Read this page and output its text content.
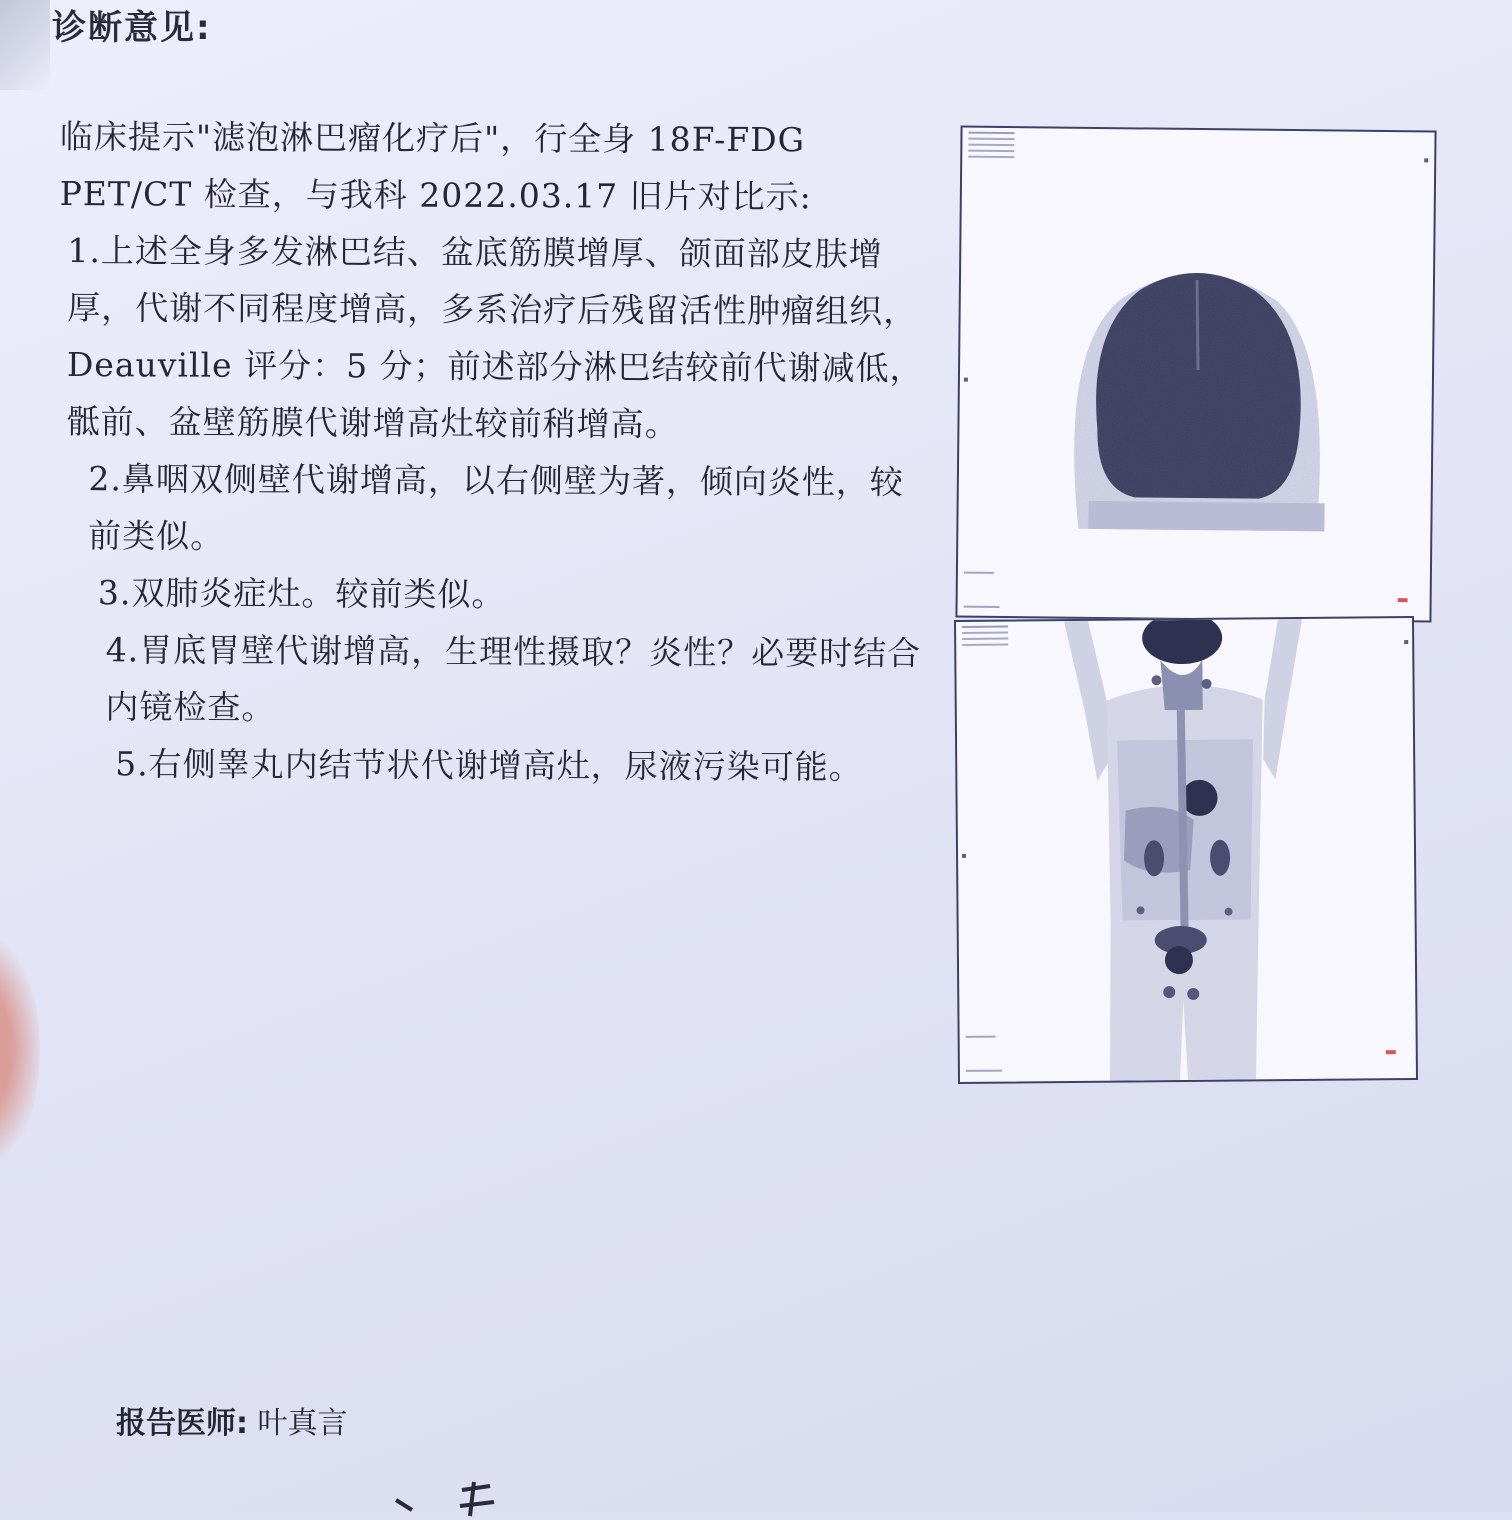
诊断意见:

临床提示"滤泡淋巴瘤化疗后"，行全身 18F-FDG
PET/CT 检查，与我科 2022.03.17 旧片对比示:

1.上述全身多发淋巴结、盆底筋膜增厚、颌面部皮肤增
厚，代谢不同程度增高，多系治疗后残留活性肿瘤组织，
Deauville 评分：5 分；前述部分淋巴结较前代谢减低，
骶前、盆壁筋膜代谢增高灶较前稍增高。

2.鼻咽双侧壁代谢增高，以右侧壁为著，倾向炎性，较
前类似。

3.双肺炎症灶。较前类似。

4.胃底胃壁代谢增高，生理性摄取？炎性？必要时结合
内镜检查。

5.右侧睾丸内结节状代谢增高灶，尿液污染可能。

报告医师: 叶真言
